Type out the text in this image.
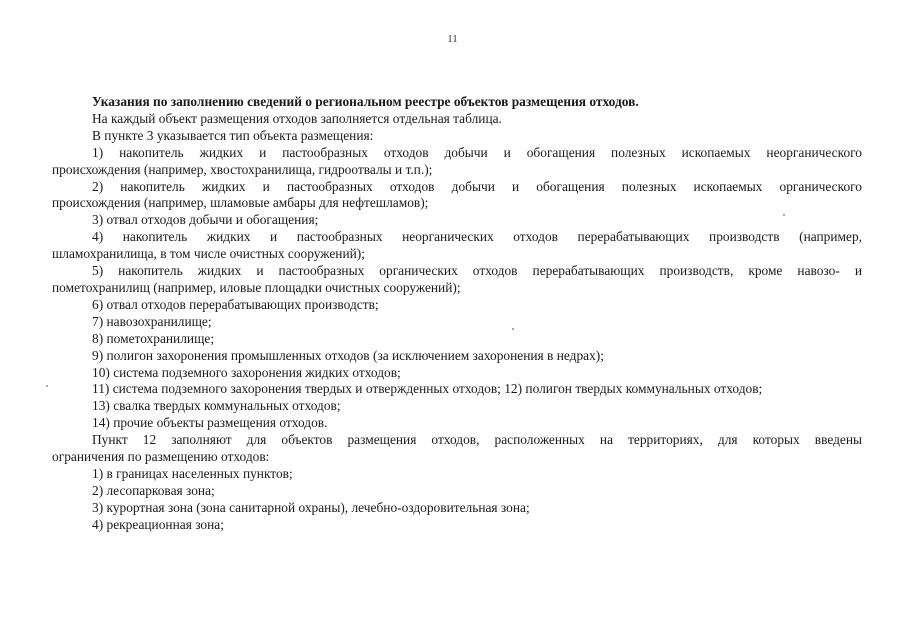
11
Указания по заполнению сведений о региональном реестре объектов размещения отходов.
На каждый объект размещения отходов заполняется отдельная таблица.
В пункте 3 указывается тип объекта размещения:
1) накопитель жидких и пастообразных отходов добычи и обогащения полезных ископаемых неорганического
происхождения (например, хвостохранилища, гидроотвалы и т.п.);
2) накопитель жидких и пастообразных отходов добычи и обогащения полезных ископаемых органического
происхождения (например, шламовые амбары для нефтешламов);
3) отвал отходов добычи и обогащения;
4) накопитель жидких и пастообразных неорганических отходов перерабатывающих производств (например,
шламохранилища, в том числе очистных сооружений);
5) накопитель жидких и пастообразных органических отходов перерабатывающих производств, кроме навозо- и
пометохранилищ (например, иловые площадки очистных сооружений);
6) отвал отходов перерабатывающих производств;
7) навозохранилище;
8) пометохранилище;
9) полигон захоронения промышленных отходов (за исключением захоронения в недрах);
10) система подземного захоронения жидких отходов;
11) система подземного захоронения твердых и отвержденных отходов; 12) полигон твердых коммунальных отходов;
13) свалка твердых коммунальных отходов;
14) прочие объекты размещения отходов.
Пункт 12 заполняют для объектов размещения отходов, расположенных на территориях, для которых введены
ограничения по размещению отходов:
1) в границах населенных пунктов;
2) лесопарковая зона;
3) курортная зона (зона санитарной охраны), лечебно-оздоровительная зона;
4) рекреационная зона;
